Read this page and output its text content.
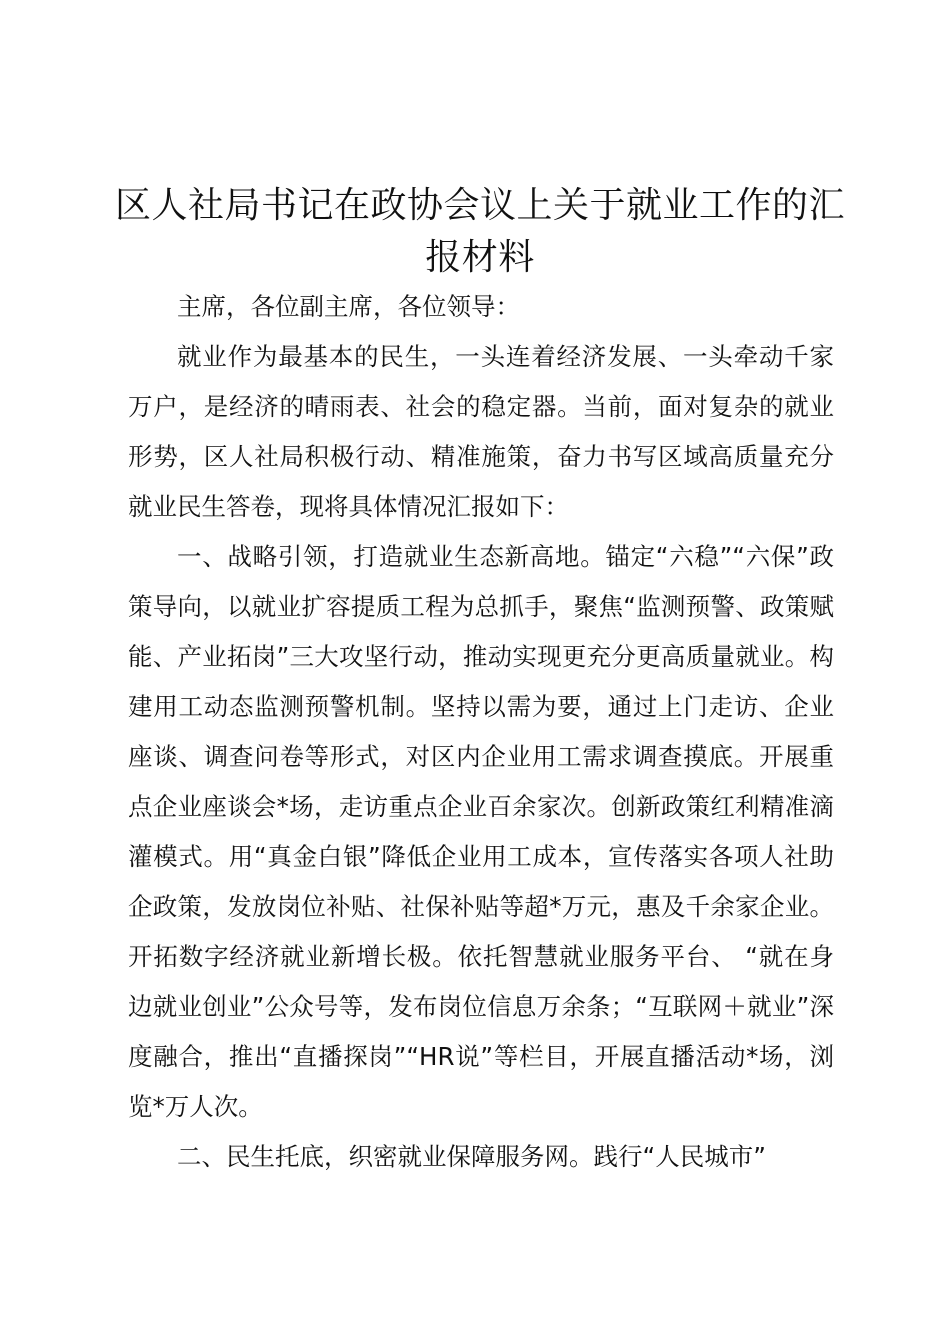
区人社局书记在政协会议上关于就业工作的汇报材料

主席，各位副主席，各位领导：

就业作为最基本的民生，一头连着经济发展、一头牵动千家万户，是经济的晴雨表、社会的稳定器。当前，面对复杂的就业形势，区人社局积极行动、精准施策，奋力书写区域高质量充分就业民生答卷，现将具体情况汇报如下：

一、战略引领，打造就业生态新高地。锚定“六稳”“六保”政策导向，以就业扩容提质工程为总抓手，聚焦“监测预警、政策赋能、产业拓岗”三大攻坚行动，推动实现更充分更高质量就业。构建用工动态监测预警机制。坚持以需为要，通过上门走访、企业座谈、调查问卷等形式，对区内企业用工需求调查摸底。开展重点企业座谈会*场，走访重点企业百余家次。创新政策红利精准滴灌模式。用“真金白银”降低企业用工成本，宣传落实各项人社助企政策，发放岗位补贴、社保补贴等超*万元，惠及千余家企业。开拓数字经济就业新增长极。依托智慧就业服务平台、 “就在身边就业创业”公众号等，发布岗位信息万余条；“互联网＋就业”深度融合，推出“直播探岗”“HR说”等栏目，开展直播活动*场，浏览*万人次。

二、民生托底，织密就业保障服务网。践行“人民城市”
